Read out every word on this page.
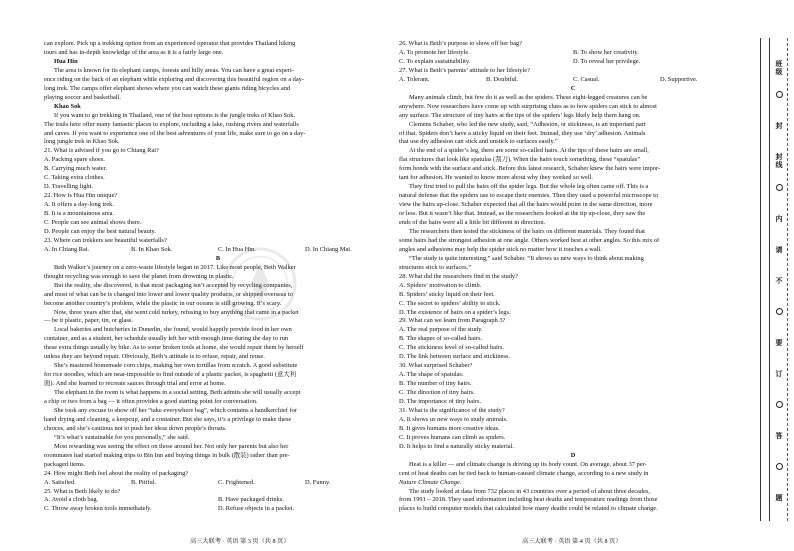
can explore. Pick up a trekking option from an experienced operator that provides Thailand hiking
tours and has in-depth knowledge of the area as it is a fairly large one.
Hua Hin
The area is known for its elephant camps, forests and hilly areas. You can have a great experi-
ence riding on the back of an elephant while exploring and discovering this beautiful region on a day-
long trek. The camps offer elephant shows where you can watch these giants riding bicycles and
playing soccer and basketball.
Khao Sok
If you want to go trekking in Thailand, one of the best options is the jungle treks of Khao Sok.
The trails here offer many fantastic places to explore, including a lake, rushing rivers and waterfalls
and caves. If you want to experience one of the best adventures of your life, make sure to go on a day-
long jungle trek in Khao Sok.
21. What is advised if you go to Chiang Rai?
A. Packing spare shoes.
B. Carrying much water.
C. Taking extra clothes.
D. Travelling light.
22. How is Hua Hin unique?
A. It offers a day-long trek.
B. It is a mountainous area.
C. People can see animal shows there.
D. People can enjoy the best natural beauty.
23. Where can trekkers see beautiful waterfalls?
A. In Chiang Rai.	B. In Khao Sok.	C. In Hua Hin.	D. In Chiang Mai.
B
Beth Walker’s journey on a zero-waste lifestyle began in 2017. Like most people, Beth Walker
thought recycling was enough to save the planet from drowning in plastic.
But the reality, she discovered, is that most packaging isn’t accepted by recycling companies,
and most of what can be is changed into lower and lower quality products, or shipped overseas to
become another country’s problem, while the plastic in our oceans is still growing. It’s scary.
Now, three years after that, she went cold turkey, refusing to buy anything that came in a packet
— be it plastic, paper, tin, or glass.
Local bakeries and butcheries in Dunedin, she found, would happily provide food in her own
container, and as a student, her schedule usually left her with enough time during the day to run
these extra things usually by bike. As to some broken tools at home, she would repair them by herself
unless they are beyond repair. Obviously, Beth’s attitude is to refuse, repair, and reuse.
She’s mastered homemade corn chips, making her own tortillas from scratch. A good substitute
for rice noodles, which are near-impossible to find outside of a plastic packet, is spaghetti (意大利
面). And she learned to recreate sauces through trial and error at home.
The elephant in the room is what happens in a social setting. Beth admits she will usually accept
a chip or two from a bag — it often provides a good starting point for conversation.
She took any excuse to show off her “take everywhere bag”, which contains a handkerchief for
hand drying and cleaning, a keepcup, and a container. But she says, it’s a privilege to make these
choices, and she’s cautious not to push her ideas down people’s throats.
“It’s what’s sustainable for you personally,” she said.
Most rewarding was seeing the effect on those around her. Not only her parents but also her
roommates had started making trips to Bin Inn and buying things in bulk (散装) rather than pre-
packaged items.
24. How might Beth feel about the reality of packaging?
A. Satisfied.	B. Pitiful.	C. Frightened.	D. Funny.
25. What is Beth likely to do?
A. Avoid a cloth bag.	B. Have packaged drinks.
C. Throw away broken tools immediately.	D. Refuse objects in a packet.
26. What is Beth’s purpose to show off her bag?
A. To promote her lifestyle.	B. To show her creativity.
C. To explain sustainability.	D. To reveal her privilege.
27. What is Beth’s parents’ attitude to her lifestyle?
A. Tolerant.	B. Doubtful.	C. Casual.	D. Supportive.
C
Many animals climb, but few do it as well as the spiders. These eight-legged creatures can be
anywhere. Now researchers have come up with surprising clues as to how spiders can stick to almost
any surface. The structure of tiny hairs at the tips of the spiders’ legs likely help them hang on.
Clemens Schaber, who led the new study, said, “Adhesion, or stickiness, is an important part
of that. Spiders don’t have a sticky liquid on their feet. Instead, they use ‘dry’ adhesion. Animals
that use dry adhesion can stick and unstick to surfaces easily.”
At the end of a spider’s leg, there are some so-called hairs. At the tips of these hairs are small,
flat structures that look like spatulas (刮刀). When the hairs touch something, these “spatulas”
form bonds with the surface and stick. Before this latest research, Schaber knew the hairs were impor-
tant for adhesion. He wanted to know more about why they worked so well.
They first tried to pull the hairs off the spider legs. But the whole leg often came off. This is a
natural defense that the spiders use to escape their enemies. Then they used a powerful microscope to
view the hairs up-close. Schaber expected that all the hairs would point in the same direction, more
or less. But it wasn’t like that. Instead, as the researchers looked at the tip up-close, they saw the
ends of the hairs were all a little bit different in direction.
The researchers then tested the stickiness of the hairs on different materials. They found that
some hairs had the strongest adhesion at one angle. Others worked best at other angles. So this mix of
angles and adhesions may help the spider stick no matter how it touches a wall.
“The study is quite interesting,” said Schaber. “It shows us new ways to think about making
structures stick to surfaces.”
28. What did the researchers find in the study?
A. Spiders’ motivation to climb.
B. Spiders’ sticky liquid on their feet.
C. The secret to spiders’ ability to stick.
D. The existence of hairs on a spider’s legs.
29. What can we learn from Paragraph 3?
A. The real purpose of the study.
B. The shapes of so-called hairs.
C. The stickiness level of so-called hairs.
D. The link between surface and stickiness.
30. What surprised Schaber?
A. The shape of spatulas.
B. The number of tiny hairs.
C. The direction of tiny hairs.
D. The importance of tiny hairs.
31. What is the significance of the study?
A. It shows us new ways to study animals.
B. It gives humans more creative ideas.
C. It proves humans can climb as spiders.
D. It helps to find a naturally sticky material.
D
Heat is a killer — and climate change is driving up its body count. On average, about 37 per-
cent of heat deaths can be tied back to human-caused climate change, according to a new study in
Nature Climate Change.
The study looked at data from 732 places in 43 countries over a period of about three decades,
from 1991 – 2018. They used information including heat deaths and temperature readings from those
places to build computer models that calculated how many deaths could be related to climate change.
高三大联考 · 英语 第 3 页（共 8 页）	高三大联考 · 英语 第 4 页（共 8 页）
班级
封
封线
内
请
不
要
订
答
题
